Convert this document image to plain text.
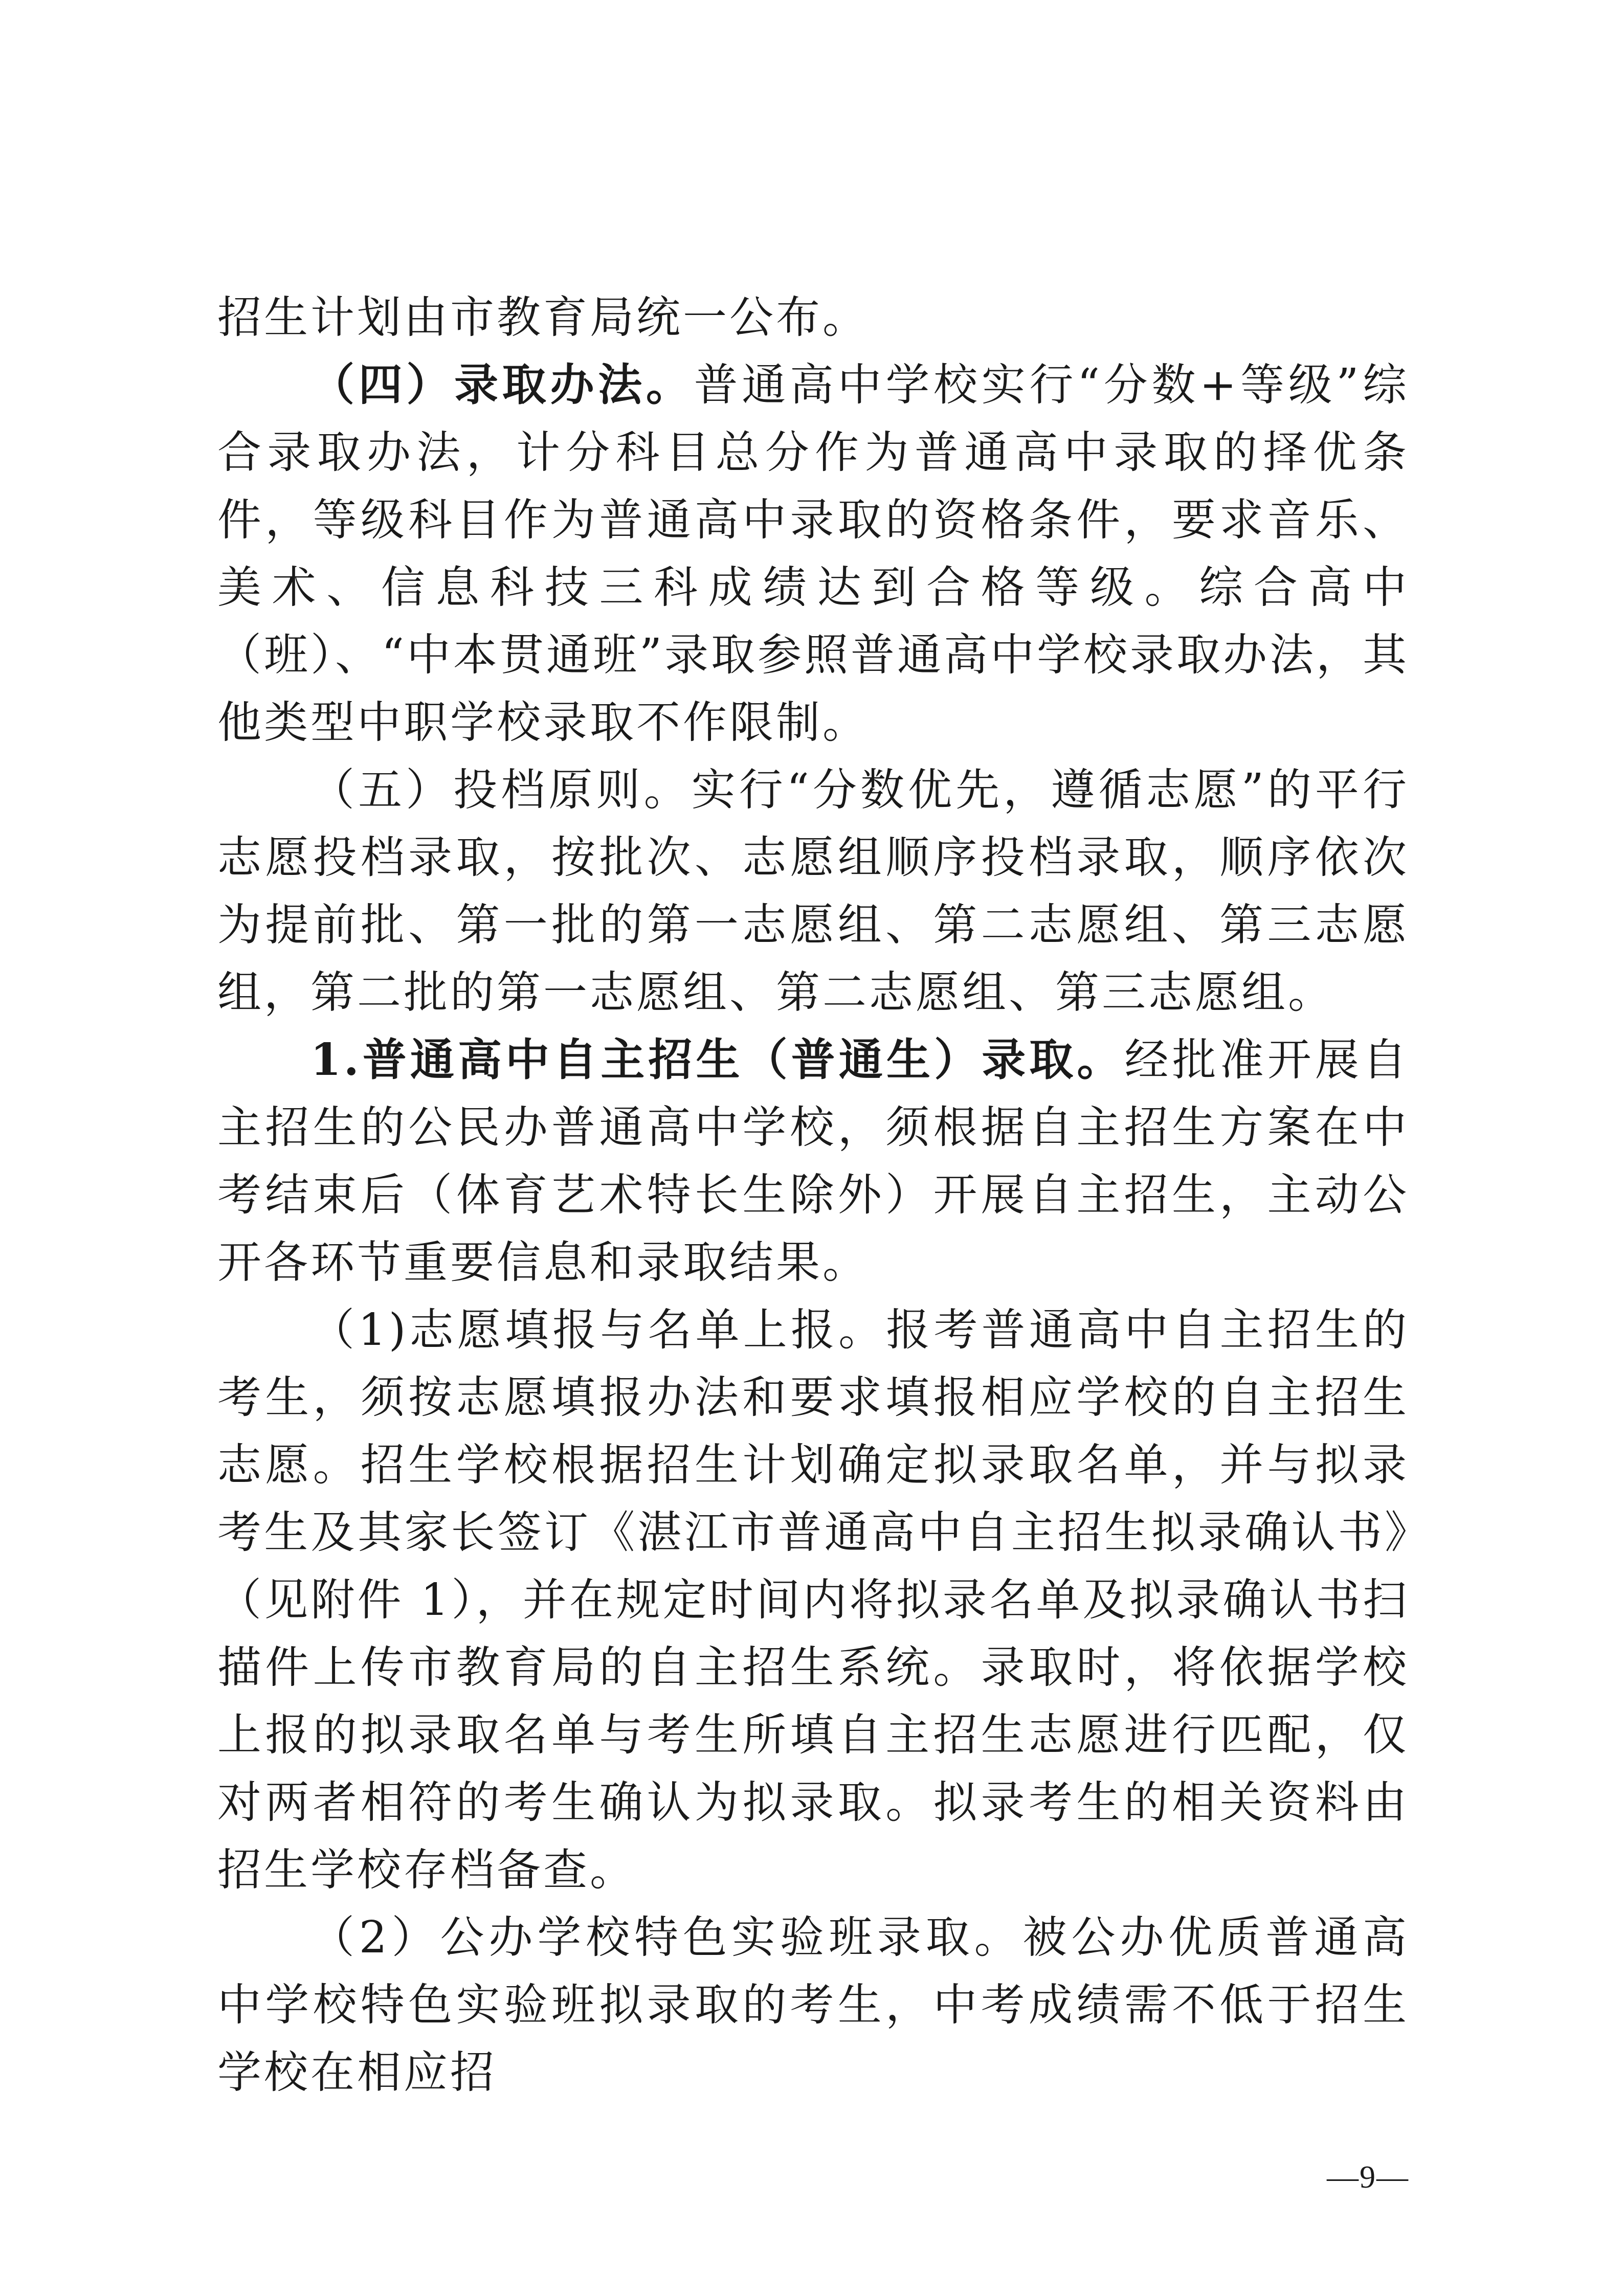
招生计划由市教育局统一公布。

（四）录取办法。普通高中学校实行“分数+等级”综合录取办法，计分科目总分作为普通高中录取的择优条件，等级科目作为普通高中录取的资格条件，要求音乐、美术、信息科技三科成绩达到合格等级。综合高中（班）、“中本贯通班”录取参照普通高中学校录取办法，其他类型中职学校录取不作限制。

（五）投档原则。实行“分数优先，遵循志愿”的平行志愿投档录取，按批次、志愿组顺序投档录取，顺序依次为提前批、第一批的第一志愿组、第二志愿组、第三志愿组，第二批的第一志愿组、第二志愿组、第三志愿组。

1.普通高中自主招生（普通生）录取。经批准开展自主招生的公民办普通高中学校，须根据自主招生方案在中考结束后（体育艺术特长生除外）开展自主招生，主动公开各环节重要信息和录取结果。

（1)志愿填报与名单上报。报考普通高中自主招生的考生，须按志愿填报办法和要求填报相应学校的自主招生志愿。招生学校根据招生计划确定拟录取名单，并与拟录考生及其家长签订《湛江市普通高中自主招生拟录确认书》（见附件 1），并在规定时间内将拟录名单及拟录确认书扫描件上传市教育局的自主招生系统。录取时，将依据学校上报的拟录取名单与考生所填自主招生志愿进行匹配，仅对两者相符的考生确认为拟录取。拟录考生的相关资料由招生学校存档备查。

（2）公办学校特色实验班录取。被公办优质普通高中学校特色实验班拟录取的考生，中考成绩需不低于招生学校在相应招

—9—
